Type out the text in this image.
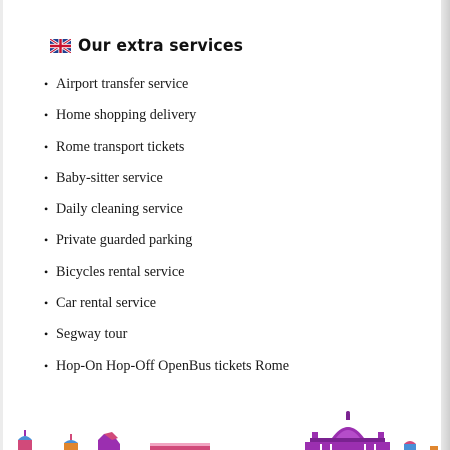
Our extra services
• Airport transfer service
• Home shopping delivery
• Rome transport tickets
• Baby-sitter service
• Daily cleaning service
• Private guarded parking
• Bicycles rental service
• Car rental service
• Segway tour
• Hop-On Hop-Off OpenBus tickets Rome
